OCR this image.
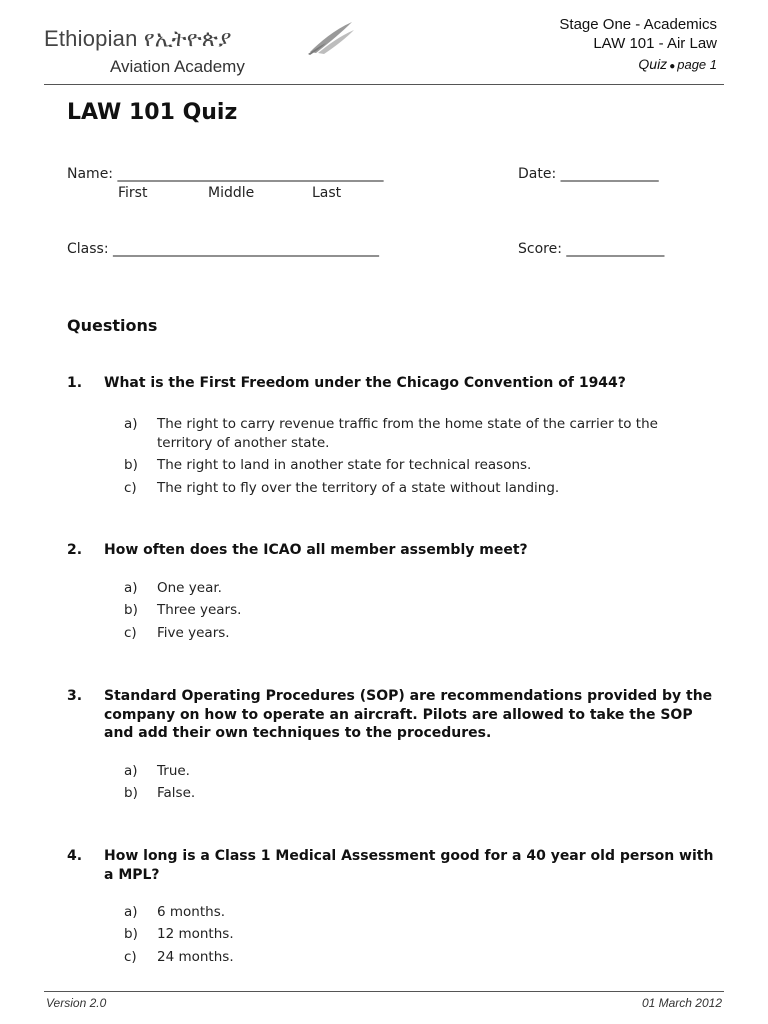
Ethiopian የኢትዮጵያ
Aviation Academy
Stage One - Academics
LAW 101 - Air Law
Quiz ● page 1
LAW 101 Quiz
Name: ______________________________________	Date: ______________
First	Middle	Last
Class: ______________________________________	Score: ______________
Questions
1. What is the First Freedom under the Chicago Convention of 1944?
a) The right to carry revenue traffic from the home state of the carrier to the territory of another state.
b) The right to land in another state for technical reasons.
c) The right to fly over the territory of a state without landing.
2. How often does the ICAO all member assembly meet?
a) One year.
b) Three years.
c) Five years.
3. Standard Operating Procedures (SOP) are recommendations provided by the company on how to operate an aircraft. Pilots are allowed to take the SOP and add their own techniques to the procedures.
a) True.
b) False.
4. How long is a Class 1 Medical Assessment good for a 40 year old person with a MPL?
a) 6 months.
b) 12 months.
c) 24 months.
Version 2.0	01 March 2012
